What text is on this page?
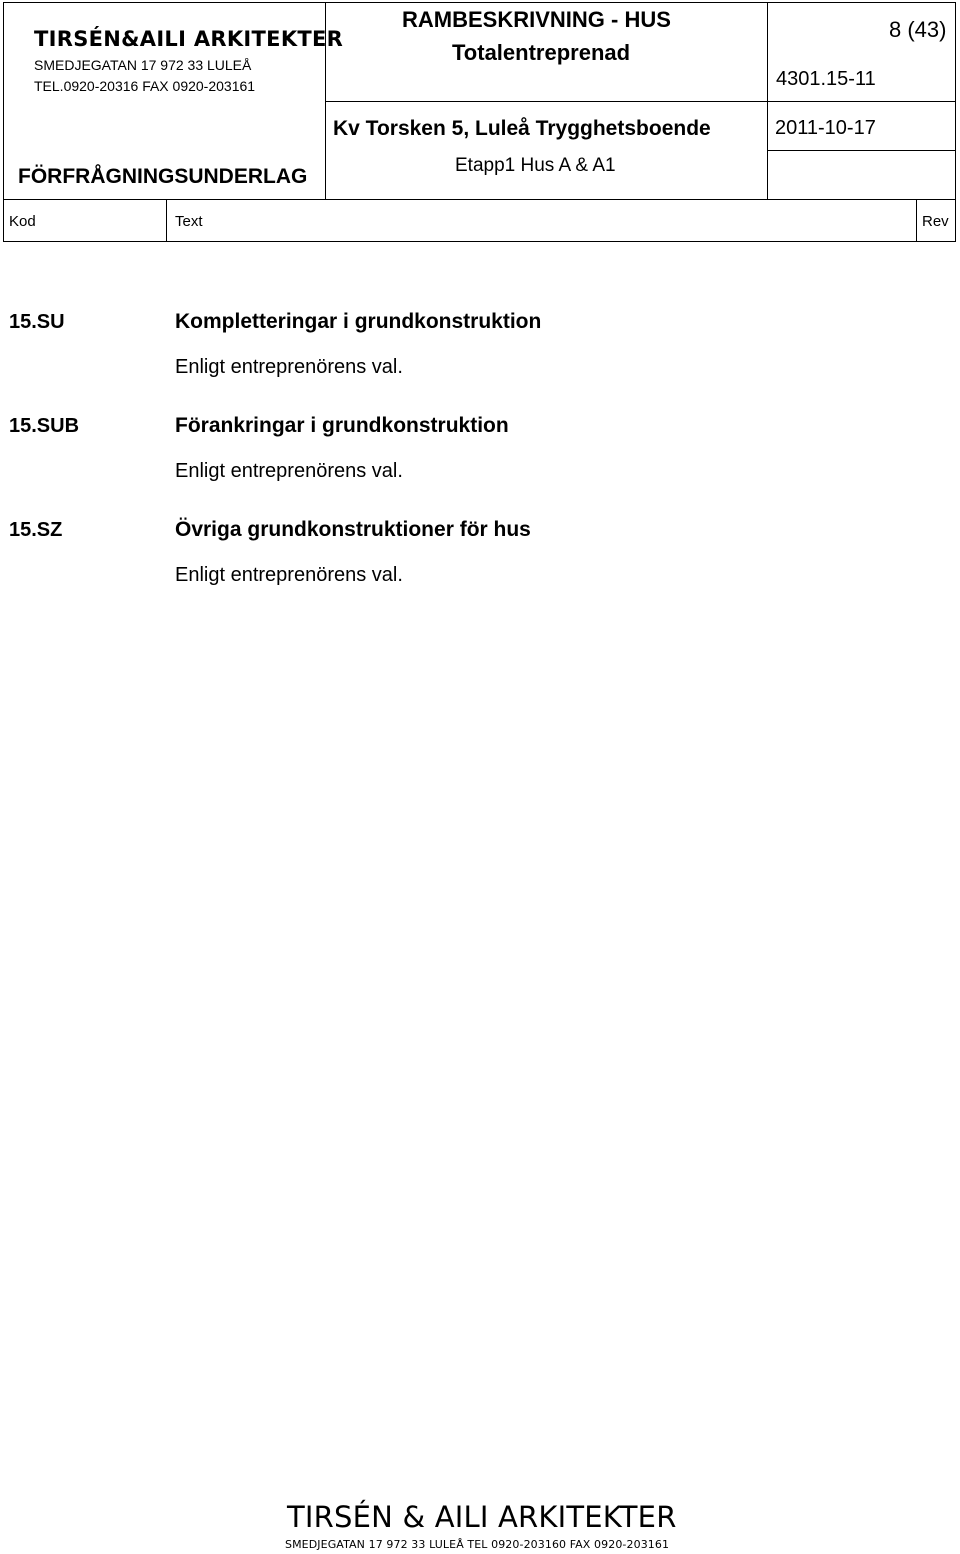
TIRSÉN&AILI ARKITEKTER
SMEDJEGATAN 17 972 33 LULEÅ
TEL.0920-20316 FAX 0920-203161
FÖRFRÅGNINGSUNDERLAG
RAMBESKRIVNING - HUS
Totalentreprenad
Kv Torsken 5, Luleå Trygghetsboende
Etapp1 Hus A & A1
8 (43)
4301.15-11
2011-10-17
Kod	Text	Rev
15.SU	Kompletteringar i grundkonstruktion
Enligt entreprenörens val.
15.SUB	Förankringar i grundkonstruktion
Enligt entreprenörens val.
15.SZ	Övriga grundkonstruktioner för hus
Enligt entreprenörens val.
TIRSÉN & AILI ARKITEKTER
SMEDJEGATAN 17 972 33 LULEÅ TEL 0920-203160 FAX 0920-203161
